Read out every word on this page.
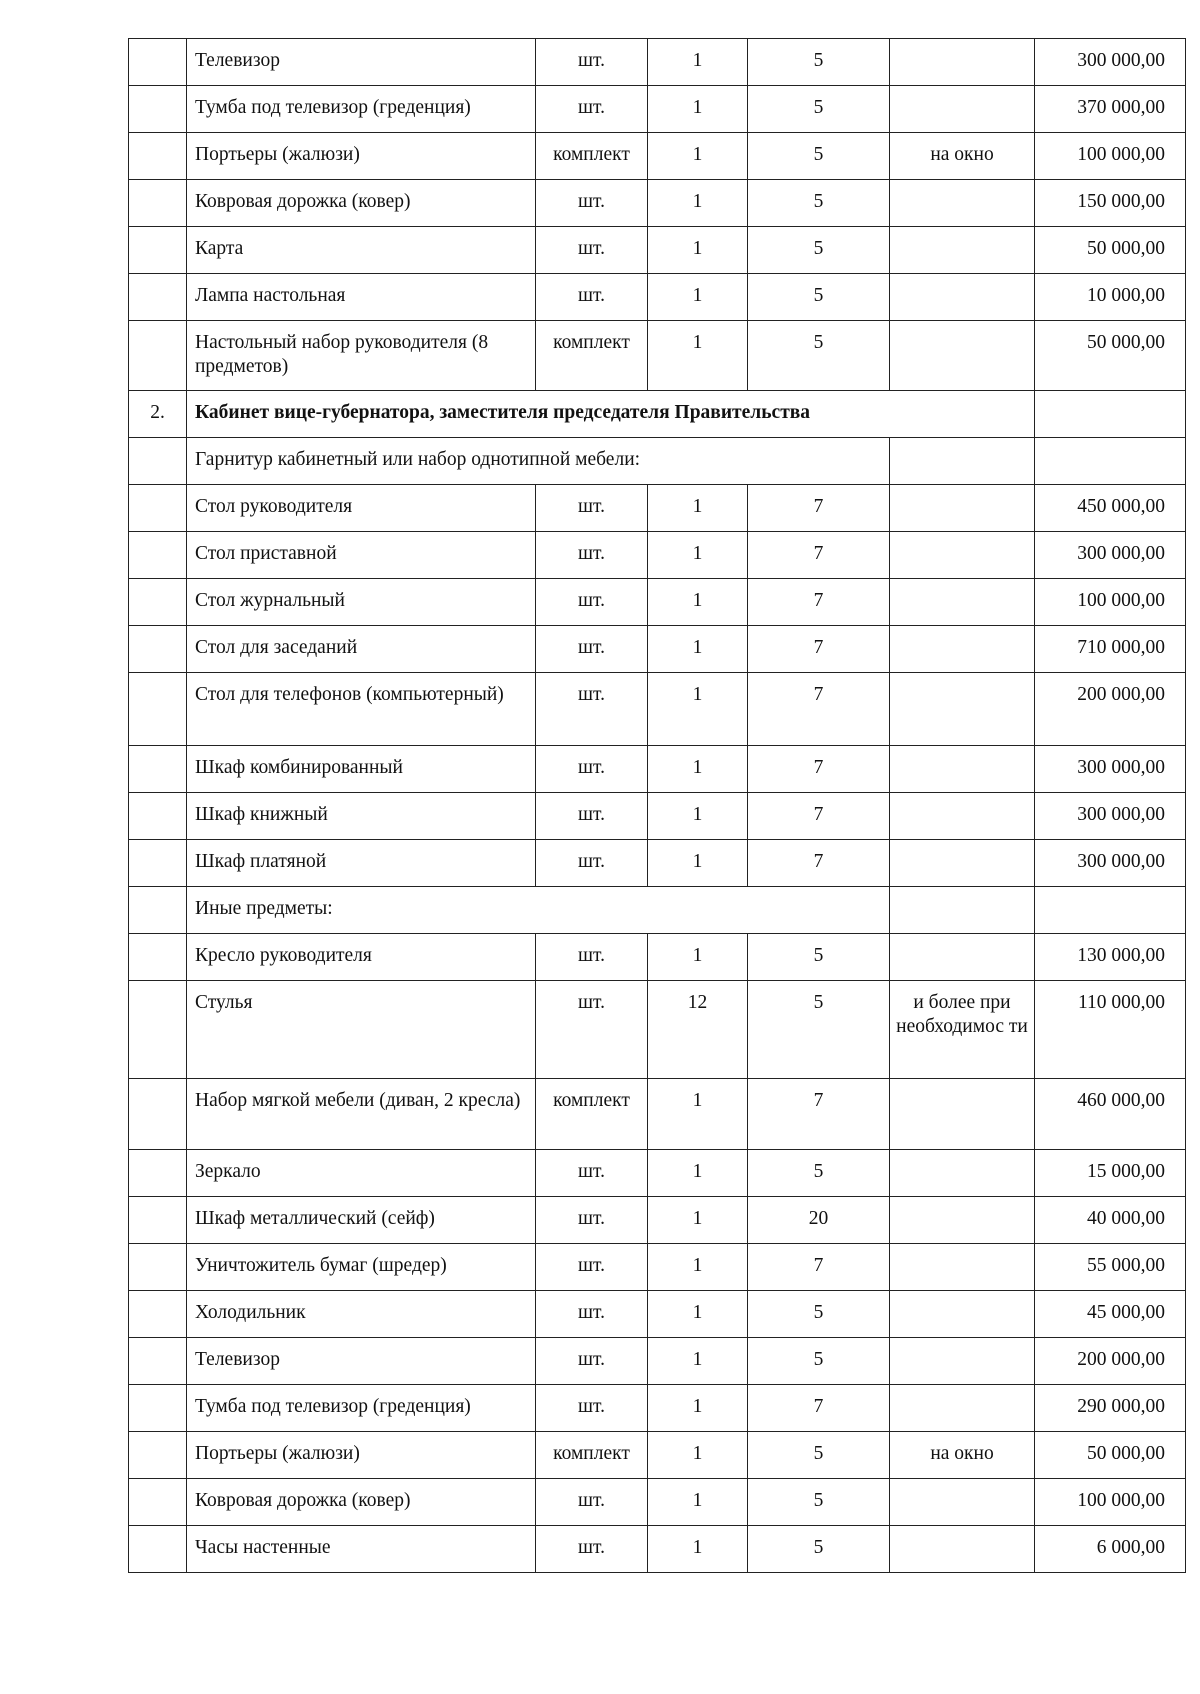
	Телевизор	шт.	1	5		300 000,00
	Тумба под телевизор (греденция)	шт.	1	5		370 000,00
	Портьеры (жалюзи)	комплект	1	5	на окно	100 000,00
	Ковровая дорожка (ковер)	шт.	1	5		150 000,00
	Карта	шт.	1	5		50 000,00
	Лампа настольная	шт.	1	5		10 000,00
	Настольный набор руководителя (8 предметов)	комплект	1	5		50 000,00
2.	Кабинет вице-губернатора, заместителя председателя Правительства					
	Гарнитур кабинетный или набор однотипной мебели:					
	Стол руководителя	шт.	1	7		450 000,00
	Стол приставной	шт.	1	7		300 000,00
	Стол журнальный	шт.	1	7		100 000,00
	Стол для заседаний	шт.	1	7		710 000,00
	Стол для телефонов (компьютерный)	шт.	1	7		200 000,00
	Шкаф комбинированный	шт.	1	7		300 000,00
	Шкаф книжный	шт.	1	7		300 000,00
	Шкаф платяной	шт.	1	7		300 000,00
	Иные предметы:					
	Кресло руководителя	шт.	1	5		130 000,00
	Стулья	шт.	12	5	и более при необходимос ти	110 000,00
	Набор мягкой мебели (диван, 2 кресла)	комплект	1	7		460 000,00
	Зеркало	шт.	1	5		15 000,00
	Шкаф металлический (сейф)	шт.	1	20		40 000,00
	Уничтожитель бумаг (шредер)	шт.	1	7		55 000,00
	Холодильник	шт.	1	5		45 000,00
	Телевизор	шт.	1	5		200 000,00
	Тумба под телевизор (греденция)	шт.	1	7		290 000,00
	Портьеры (жалюзи)	комплект	1	5	на окно	50 000,00
	Ковровая дорожка (ковер)	шт.	1	5		100 000,00
	Часы настенные	шт.	1	5		6 000,00
